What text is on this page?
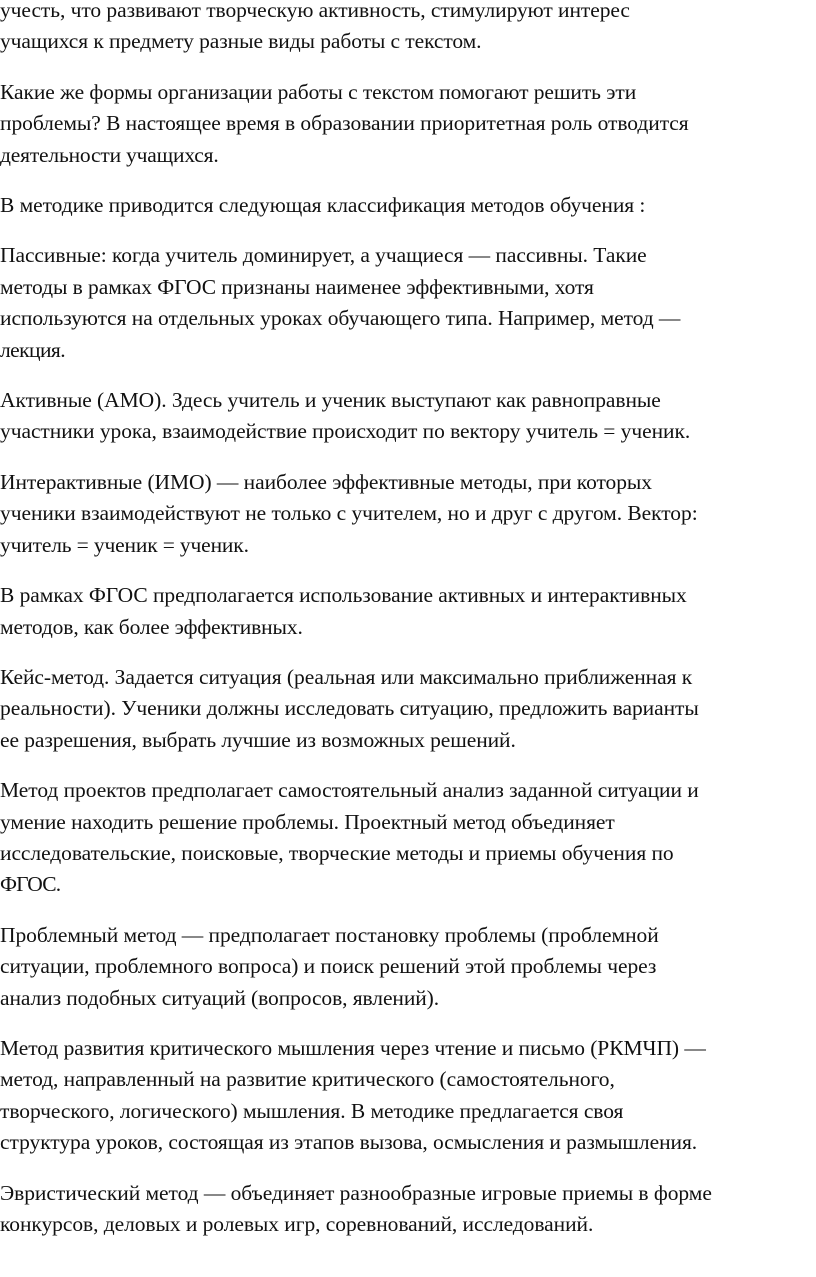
учесть, что развивают творческую активность, стимулируют интерес
учащихся к предмету разные виды работы с текстом.

Какие же формы организации работы с текстом помогают решить эти
проблемы? В настоящее время в образовании приоритетная роль отводится
деятельности учащихся.

В методике приводится следующая классификация методов обучения :

Пассивные: когда учитель доминирует, а учащиеся — пассивны. Такие
методы в рамках ФГОС признаны наименее эффективными, хотя
используются на отдельных уроках обучающего типа. Например, метод —
лекция.

Активные (АМО). Здесь учитель и ученик выступают как равноправные
участники урока, взаимодействие происходит по вектору учитель = ученик.

Интерактивные (ИМО) — наиболее эффективные методы, при которых
ученики взаимодействуют не только с учителем, но и друг с другом. Вектор:
учитель = ученик = ученик.

В рамках ФГОС предполагается использование активных и интерактивных
методов, как более эффективных.

Кейс-метод. Задается ситуация (реальная или максимально приближенная к
реальности). Ученики должны исследовать ситуацию, предложить варианты
ее разрешения, выбрать лучшие из возможных решений.

Метод проектов предполагает самостоятельный анализ заданной ситуации и
умение находить решение проблемы. Проектный метод объединяет
исследовательские, поисковые, творческие методы и приемы обучения по
ФГОС.

Проблемный метод — предполагает постановку проблемы (проблемной
ситуации, проблемного вопроса) и поиск решений этой проблемы через
анализ подобных ситуаций (вопросов, явлений).

Метод развития критического мышления через чтение и письмо (РКМЧП) —
метод, направленный на развитие критического (самостоятельного,
творческого, логического) мышления. В методике предлагается своя
структура уроков, состоящая из этапов вызова, осмысления и размышления.

Эвристический метод — объединяет разнообразные игровые приемы в форме
конкурсов, деловых и ролевых игр, соревнований, исследований.
